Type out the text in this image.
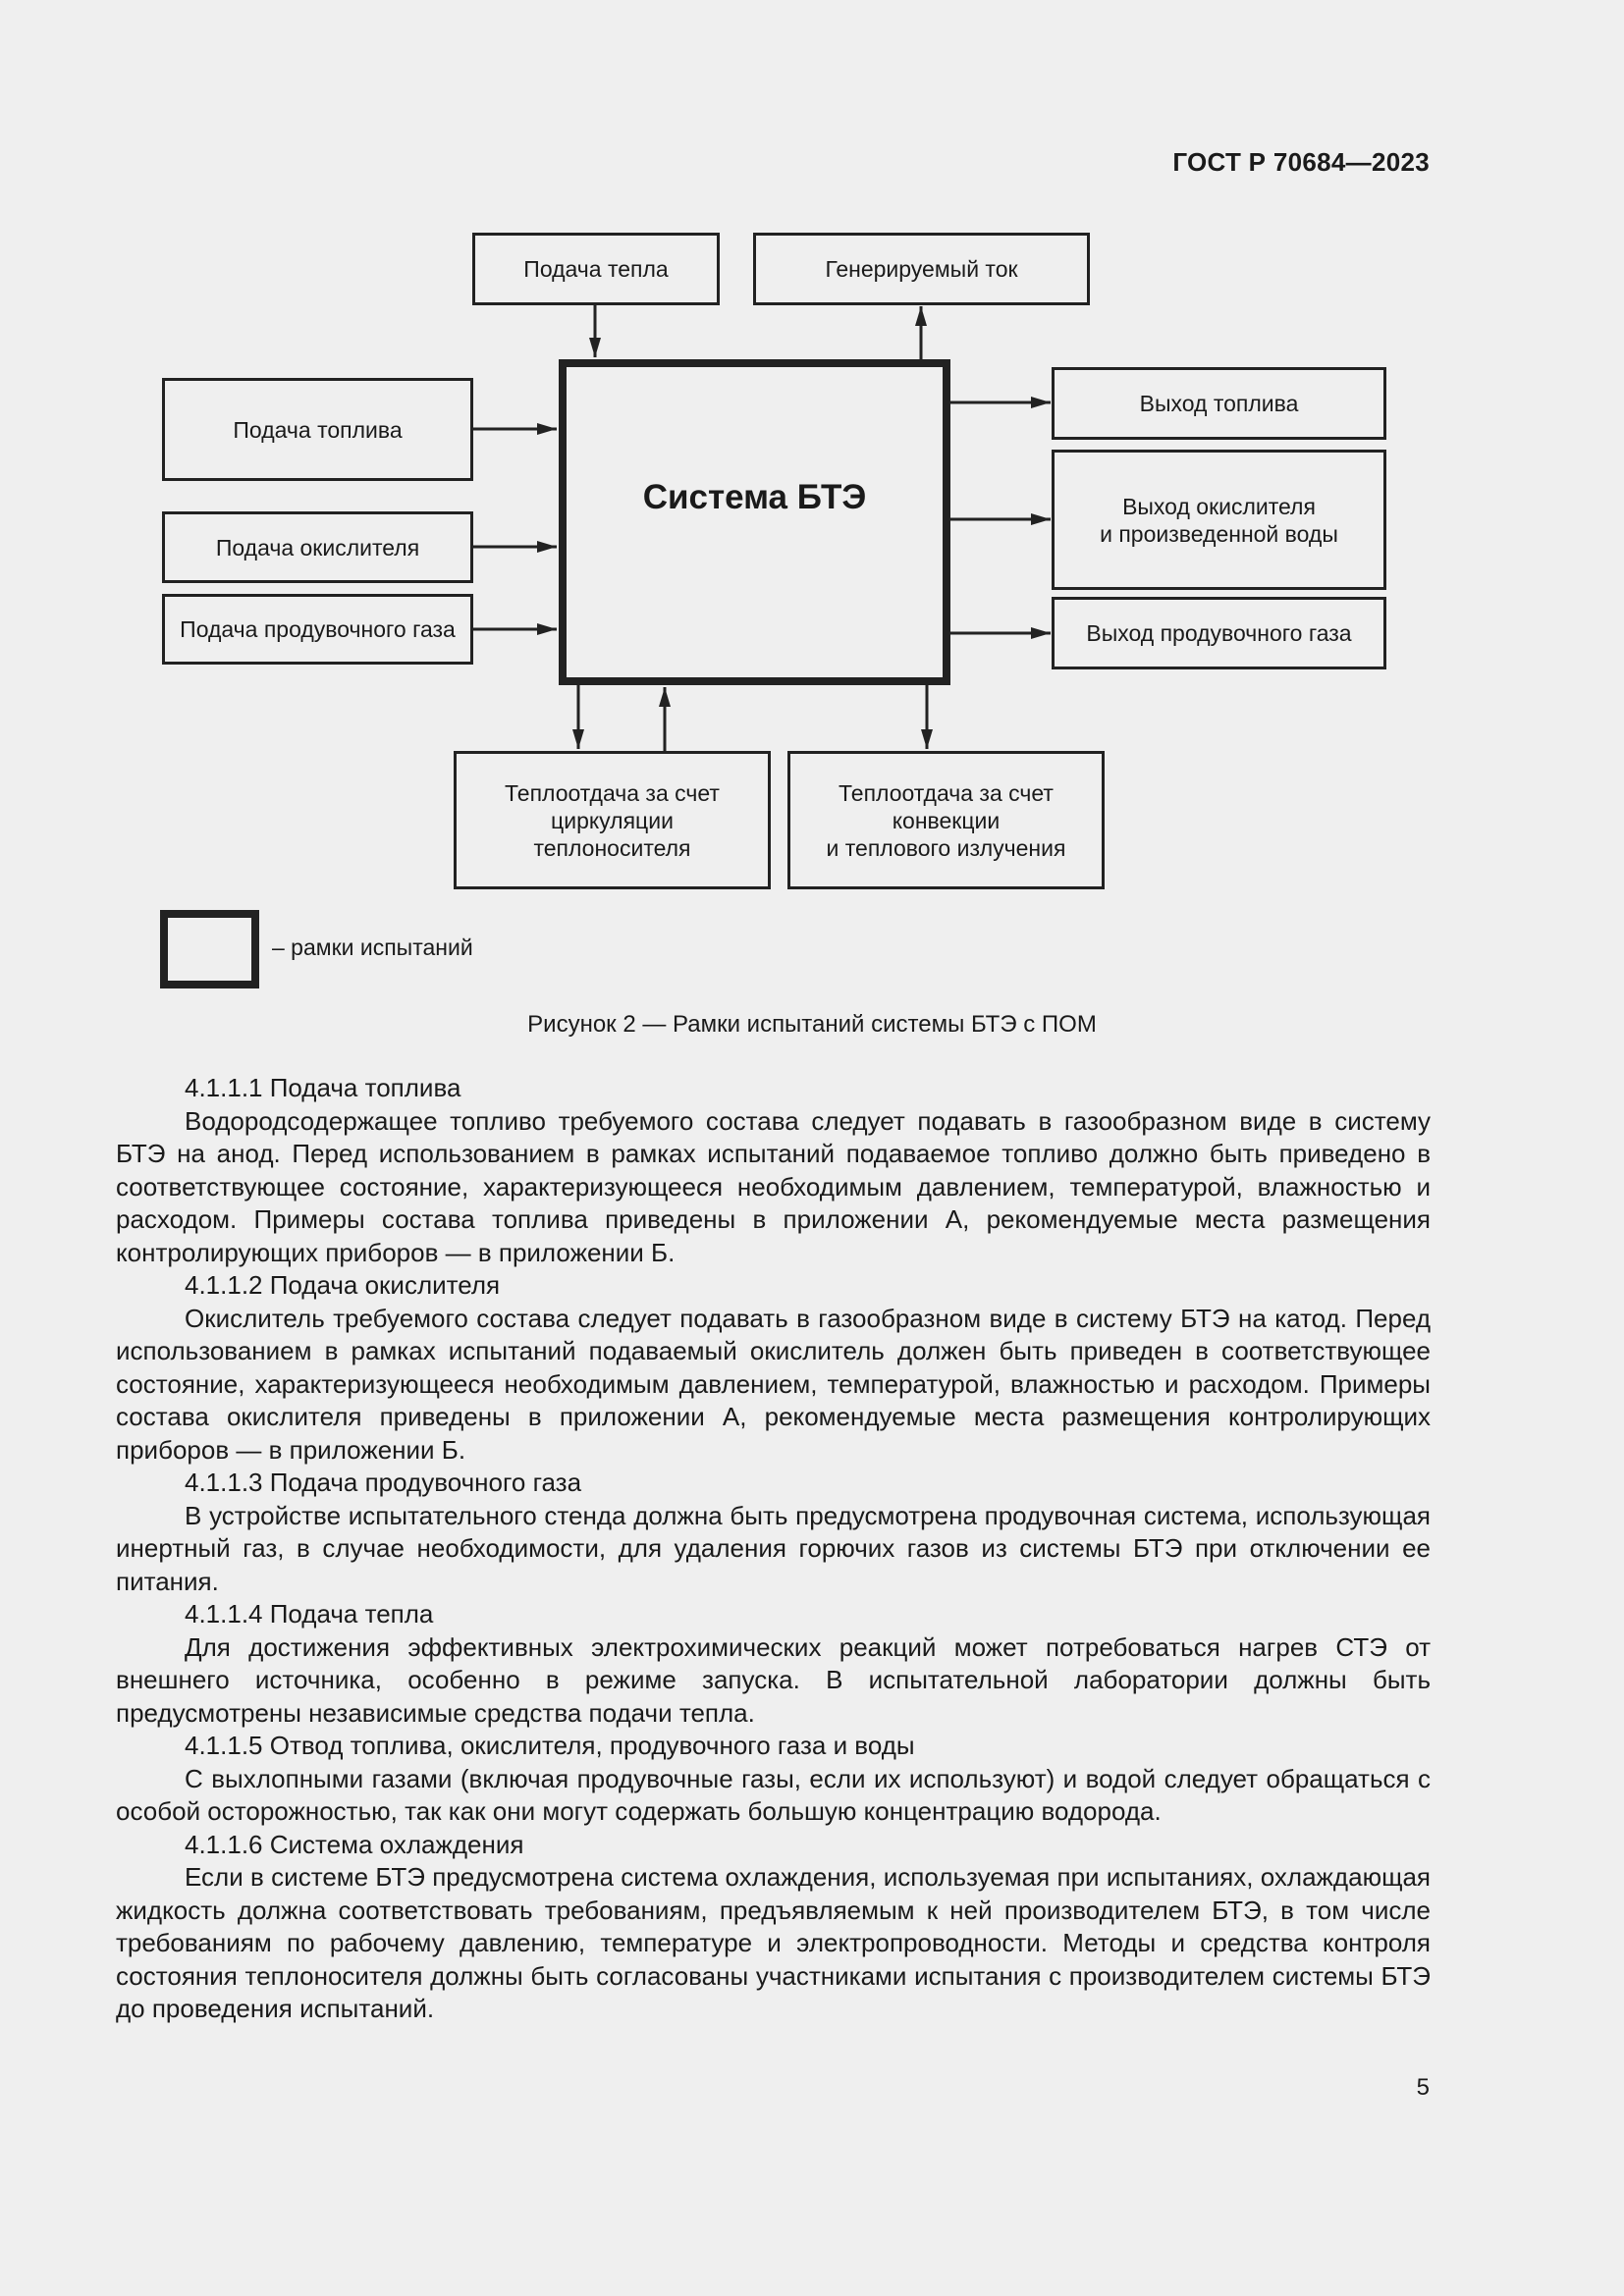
ГОСТ Р 70684—2023
Подача тепла	Генерируемый ток
Подача топлива
Подача окислителя
Подача продувочного газа
Система БТЭ
Выход топлива
Выход окислителя
и произведенной воды
Выход продувочного газа
Теплоотдача за счет
циркуляции
теплоносителя
Теплоотдача за счет
конвекции
и теплового излучения
– рамки испытаний
Рисунок 2 — Рамки испытаний системы БТЭ с ПОМ

4.1.1.1 Подача топлива

Водородсодержащее топливо требуемого состава следует подавать в газообразном виде в систему БТЭ на анод. Перед использованием в рамках испытаний подаваемое топливо должно быть приведено в соответствующее состояние, характеризующееся необходимым давлением, температурой, влажностью и расходом. Примеры состава топлива приведены в приложении А, рекомендуемые места размещения контролирующих приборов — в приложении Б.

4.1.1.2 Подача окислителя

Окислитель требуемого состава следует подавать в газообразном виде в систему БТЭ на катод. Перед использованием в рамках испытаний подаваемый окислитель должен быть приведен в соответствующее состояние, характеризующееся необходимым давлением, температурой, влажностью и расходом. Примеры состава окислителя приведены в приложении А, рекомендуемые места размещения контролирующих приборов — в приложении Б.

4.1.1.3 Подача продувочного газа

В устройстве испытательного стенда должна быть предусмотрена продувочная система, использующая инертный газ, в случае необходимости, для удаления горючих газов из системы БТЭ при отключении ее питания.

4.1.1.4 Подача тепла

Для достижения эффективных электрохимических реакций может потребоваться нагрев СТЭ от внешнего источника, особенно в режиме запуска. В испытательной лаборатории должны быть предусмотрены независимые средства подачи тепла.

4.1.1.5 Отвод топлива, окислителя, продувочного газа и воды

С выхлопными газами (включая продувочные газы, если их используют) и водой следует обращаться с особой осторожностью, так как они могут содержать большую концентрацию водорода.

4.1.1.6 Система охлаждения

Если в системе БТЭ предусмотрена система охлаждения, используемая при испытаниях, охлаждающая жидкость должна соответствовать требованиям, предъявляемым к ней производителем БТЭ, в том числе требованиям по рабочему давлению, температуре и электропроводности. Методы и средства контроля состояния теплоносителя должны быть согласованы участниками испытания с производителем системы БТЭ до проведения испытаний.

5
